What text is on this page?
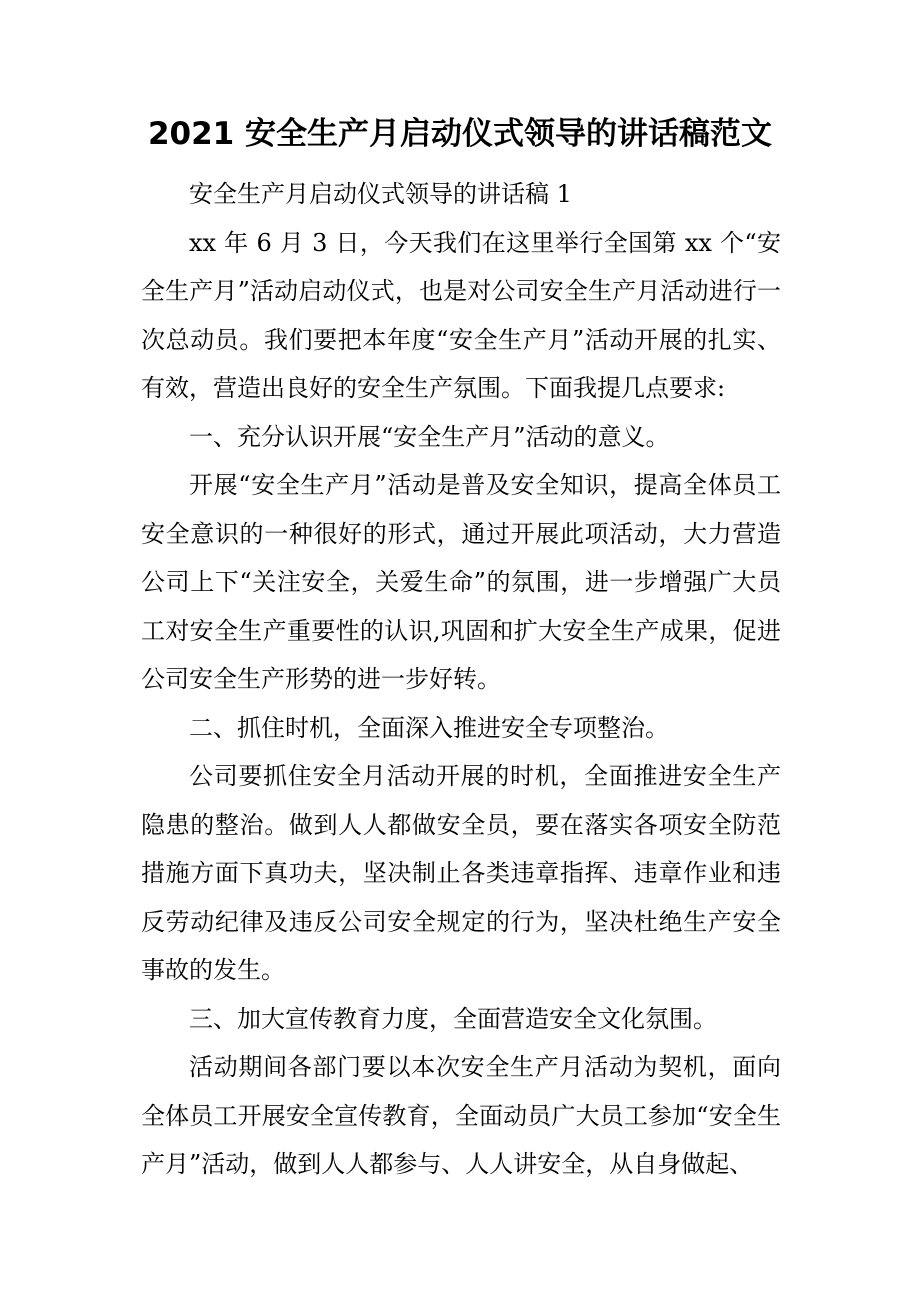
2021 安全生产月启动仪式领导的讲话稿范文

安全生产月启动仪式领导的讲话稿 1

xx 年 6 月 3 日，今天我们在这里举行全国第 xx 个“安全生产月”活动启动仪式，也是对公司安全生产月活动进行一次总动员。我们要把本年度“安全生产月”活动开展的扎实、有效，营造出良好的安全生产氛围。下面我提几点要求:

一、充分认识开展“安全生产月”活动的意义。

开展“安全生产月”活动是普及安全知识，提高全体员工安全意识的一种很好的形式，通过开展此项活动，大力营造公司上下“关注安全，关爱生命”的氛围，进一步增强广大员工对安全生产重要性的认识,巩固和扩大安全生产成果，促进公司安全生产形势的进一步好转。

二、抓住时机，全面深入推进安全专项整治。

公司要抓住安全月活动开展的时机，全面推进安全生产隐患的整治。做到人人都做安全员，要在落实各项安全防范措施方面下真功夫，坚决制止各类违章指挥、违章作业和违反劳动纪律及违反公司安全规定的行为，坚决杜绝生产安全事故的发生。

三、加大宣传教育力度，全面营造安全文化氛围。

活动期间各部门要以本次安全生产月活动为契机，面向全体员工开展安全宣传教育，全面动员广大员工参加“安全生产月”活动，做到人人都参与、人人讲安全，从自身做起、
